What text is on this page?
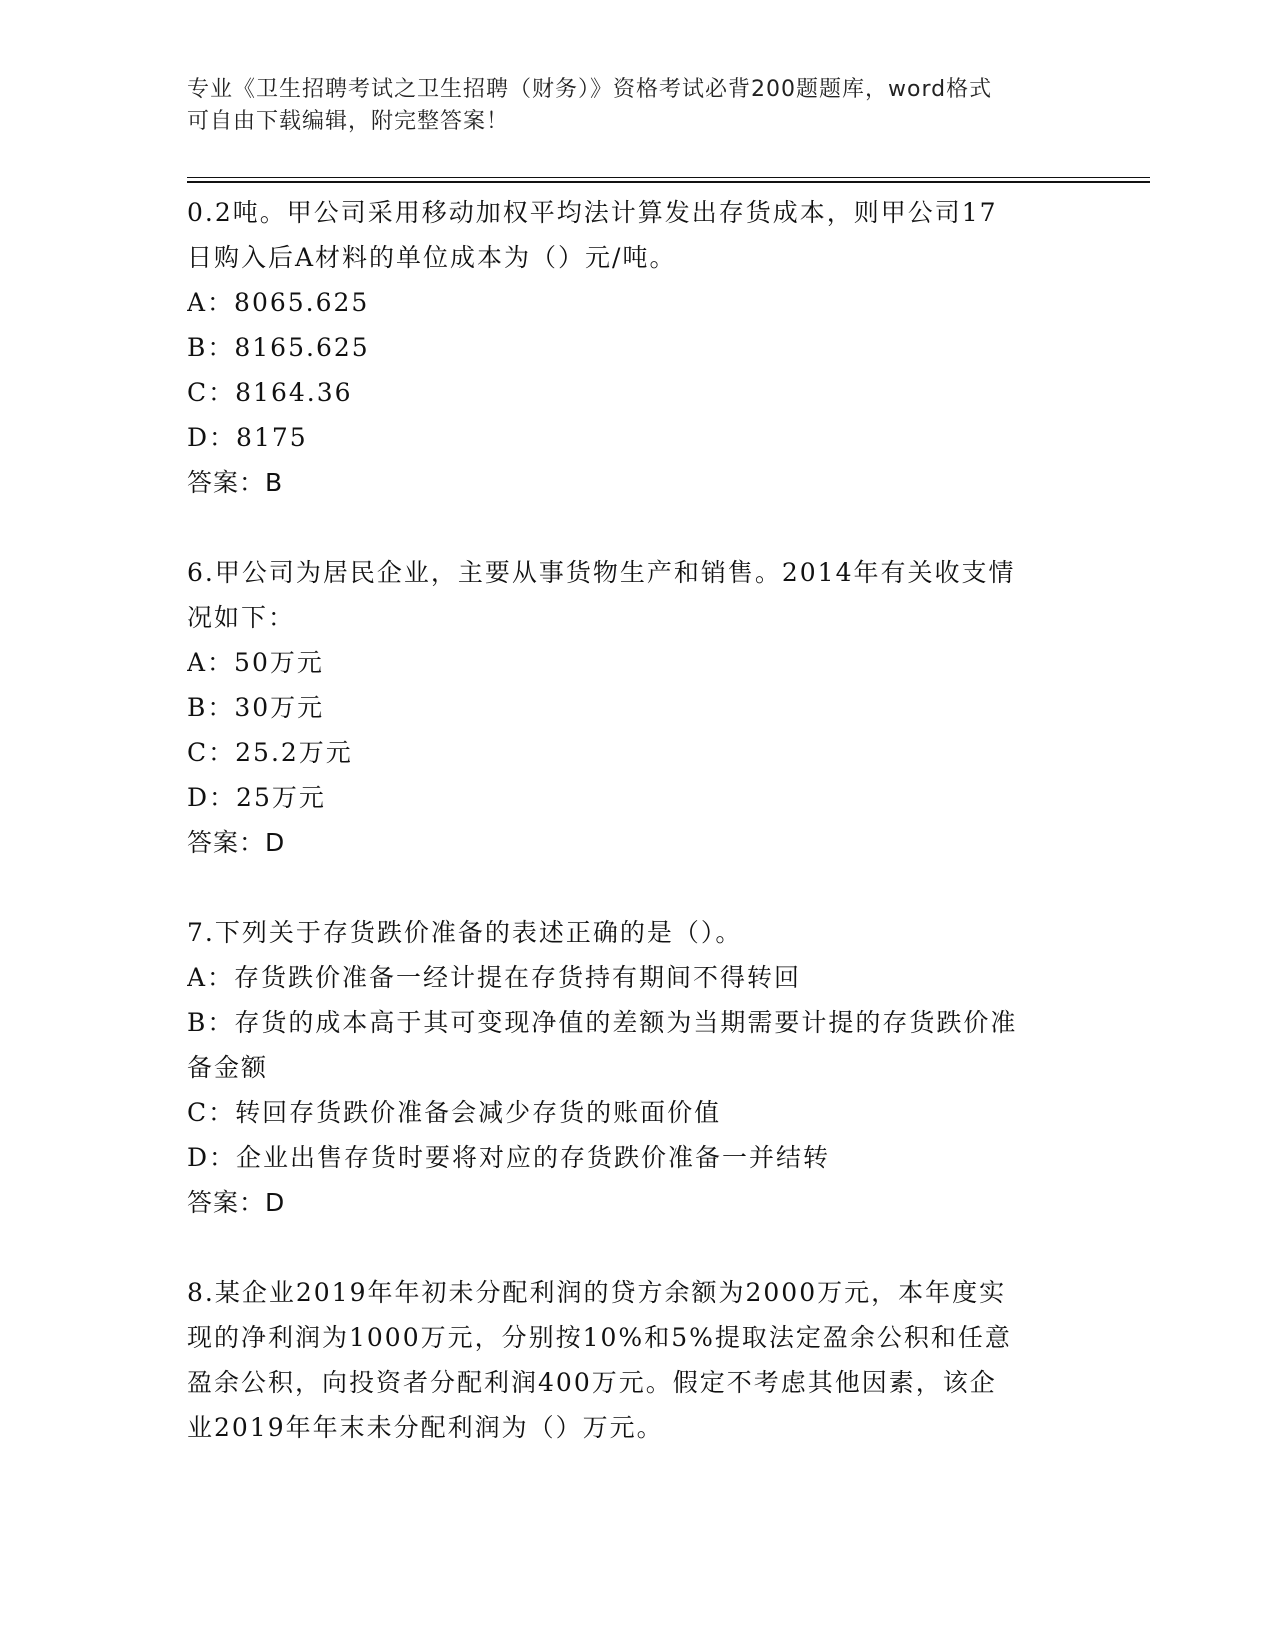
专业《卫生招聘考试之卫生招聘（财务）》资格考试必背200题题库，word格式
可自由下载编辑，附完整答案！
0.2吨。甲公司采用移动加权平均法计算发出存货成本，则甲公司17
日购入后A材料的单位成本为（）元/吨。
A：8065.625
B：8165.625
C：8164.36
D：8175
答案：B
6.甲公司为居民企业，主要从事货物生产和销售。2014年有关收支情
况如下：
A：50万元
B：30万元
C：25.2万元
D：25万元
答案：D
7.下列关于存货跌价准备的表述正确的是（）。
A：存货跌价准备一经计提在存货持有期间不得转回
B：存货的成本高于其可变现净值的差额为当期需要计提的存货跌价准
备金额
C：转回存货跌价准备会减少存货的账面价值
D：企业出售存货时要将对应的存货跌价准备一并结转
答案：D
8.某企业2019年年初未分配利润的贷方余额为2000万元，本年度实
现的净利润为1000万元，分别按10%和5%提取法定盈余公积和任意
盈余公积，向投资者分配利润400万元。假定不考虑其他因素，该企
业2019年年末未分配利润为（）万元。
